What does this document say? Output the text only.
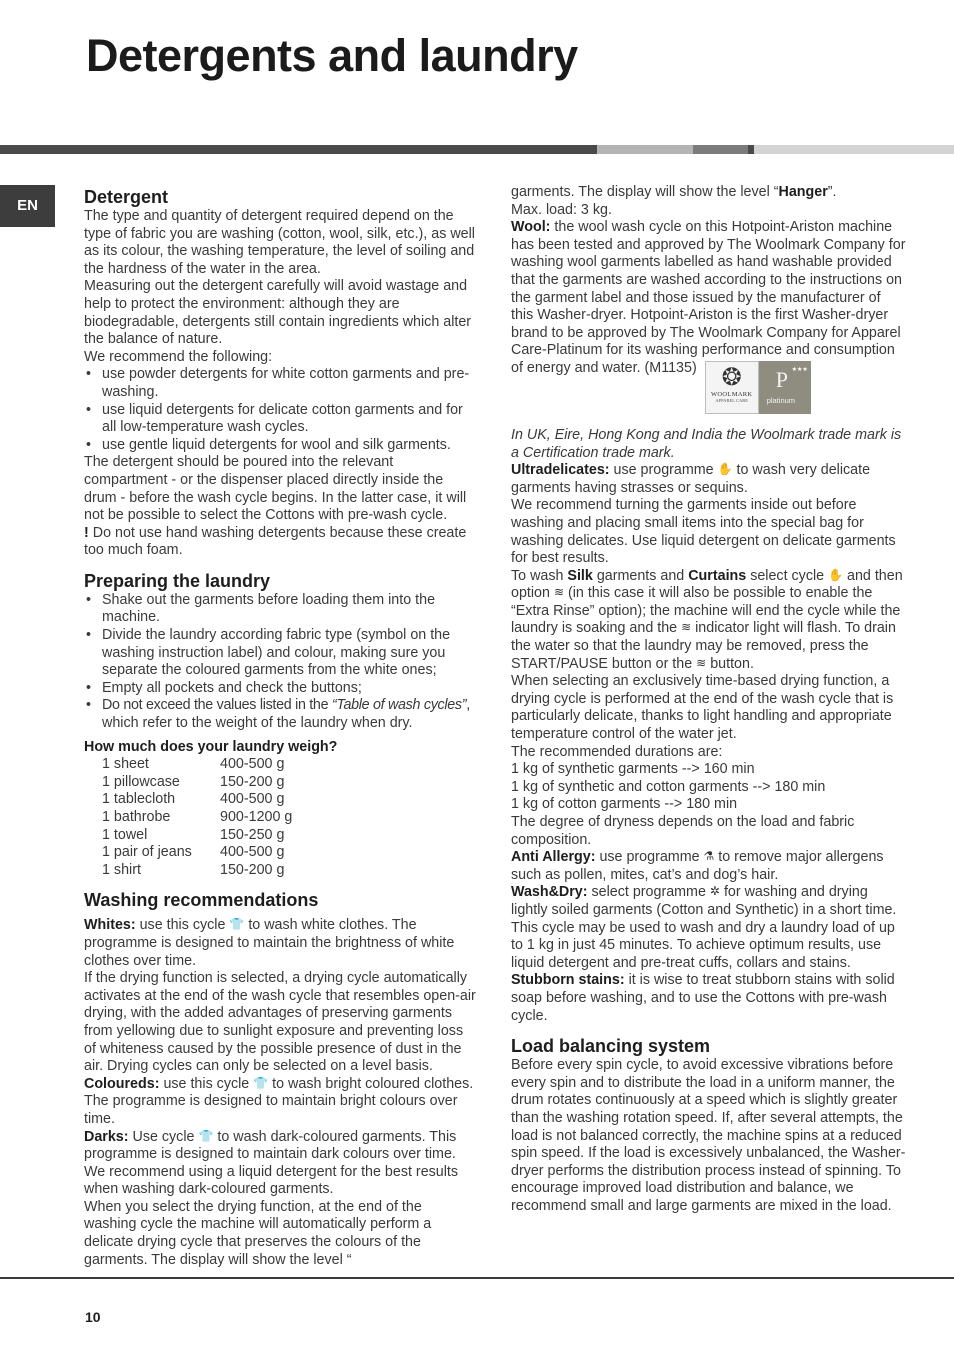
Detergents and laundry
EN	Detergent

The type and quantity of detergent required depend on the type of fabric you are washing (cotton, wool, silk, etc.), as well as its colour, the washing temperature, the level of soiling and the hardness of the water in the area.

Measuring out the detergent carefully will avoid wastage and help to protect the environment: although they are biodegradable, detergents still contain ingredients which alter the balance of nature.

We recommend the following:

• use powder detergents for white cotton garments and pre-washing.
• use liquid detergents for delicate cotton garments and for all low-temperature wash cycles.
• use gentle liquid detergents for wool and silk garments.

The detergent should be poured into the relevant compartment - or the dispenser placed directly inside the drum - before the wash cycle begins. In the latter case, it will not be possible to select the Cottons with pre-wash cycle.

! Do not use hand washing detergents because these create too much foam.

Preparing the laundry
• Shake out the garments before loading them into the machine.
• Divide the laundry according fabric type (symbol on the washing instruction label) and colour, making sure you separate the coloured garments from the white ones;
• Empty all pockets and check the buttons;
• Do not exceed the values listed in the “Table of wash cycles”, which refer to the weight of the laundry when dry.
How much does your laundry weigh?
1 sheet	400-500 g
1 pillowcase	150-200 g
1 tablecloth	400-500 g
1 bathrobe	900-1200 g
1 towel	150-250 g
1 pair of jeans	400-500 g
1 shirt	150-200 g
Washing recommendations

Whites: use this cycle 👕 to wash white clothes. The programme is designed to maintain the brightness of white clothes over time.

If the drying function is selected, a drying cycle automatically activates at the end of the wash cycle that resembles open-air drying, with the added advantages of preserving garments from yellowing due to sunlight exposure and preventing loss of whiteness caused by the possible presence of dust in the air. Drying cycles can only be selected on a level basis.

Coloureds: use this cycle 👕 to wash bright coloured clothes. The programme is designed to maintain bright colours over time.

Darks: Use cycle 👕 to wash dark-coloured garments. This programme is designed to maintain dark colours over time. We recommend using a liquid detergent for the best results when washing dark-coloured garments.

When you select the drying function, at the end of the washing cycle the machine will automatically perform a delicate drying cycle that preserves the colours of the garments. The display will show the level “

garments. The display will show the level “Hanger”.

Max. load: 3 kg.

Wool: the wool wash cycle on this Hotpoint-Ariston machine has been tested and approved by The Woolmark Company for washing wool garments labelled as hand washable provided that the garments are washed according to the instructions on the garment label and those issued by the manufacturer of this Washer-dryer. Hotpoint-Ariston is the first Washer-dryer brand to be approved by The Woolmark Company for Apparel Care-Platinum for its washing performance and consumption of energy and water. (M1135) ❂
WOOLMARK
APPAREL CARE
★★★
P
platinum

In UK, Eire, Hong Kong and India the Woolmark trade mark is a Certification trade mark.

Ultradelicates: use programme ✋ to wash very delicate garments having strasses or sequins.

We recommend turning the garments inside out before washing and placing small items into the special bag for washing delicates. Use liquid detergent on delicate garments for best results.

To wash Silk garments and Curtains select cycle ✋ and then option ≋ (in this case it will also be possible to enable the “Extra Rinse” option); the machine will end the cycle while the laundry is soaking and the ≋ indicator light will flash. To drain the water so that the laundry may be removed, press the START/PAUSE button or the ≋ button.

When selecting an exclusively time-based drying function, a drying cycle is performed at the end of the wash cycle that is particularly delicate, thanks to light handling and appropriate temperature control of the water jet.

The recommended durations are:

1 kg of synthetic garments --> 160 min

1 kg of synthetic and cotton garments --> 180 min

1 kg of cotton garments --> 180 min

The degree of dryness depends on the load and fabric composition.

Anti Allergy: use programme ⚗ to remove major allergens such as pollen, mites, cat’s and dog’s hair.

Wash&Dry: select programme ✲ for washing and drying lightly soiled garments (Cotton and Synthetic) in a short time. This cycle may be used to wash and dry a laundry load of up to 1 kg in just 45 minutes. To achieve optimum results, use liquid detergent and pre-treat cuffs, collars and stains.

Stubborn stains: it is wise to treat stubborn stains with solid soap before washing, and to use the Cottons with pre-wash cycle.

Load balancing system

Before every spin cycle, to avoid excessive vibrations before every spin and to distribute the load in a uniform manner, the drum rotates continuously at a speed which is slightly greater than the washing rotation speed. If, after several attempts, the load is not balanced correctly, the machine spins at a reduced spin speed. If the load is excessively unbalanced, the Washer-dryer performs the distribution process instead of spinning. To encourage improved load distribution and balance, we recommend small and large garments are mixed in the load.

10
